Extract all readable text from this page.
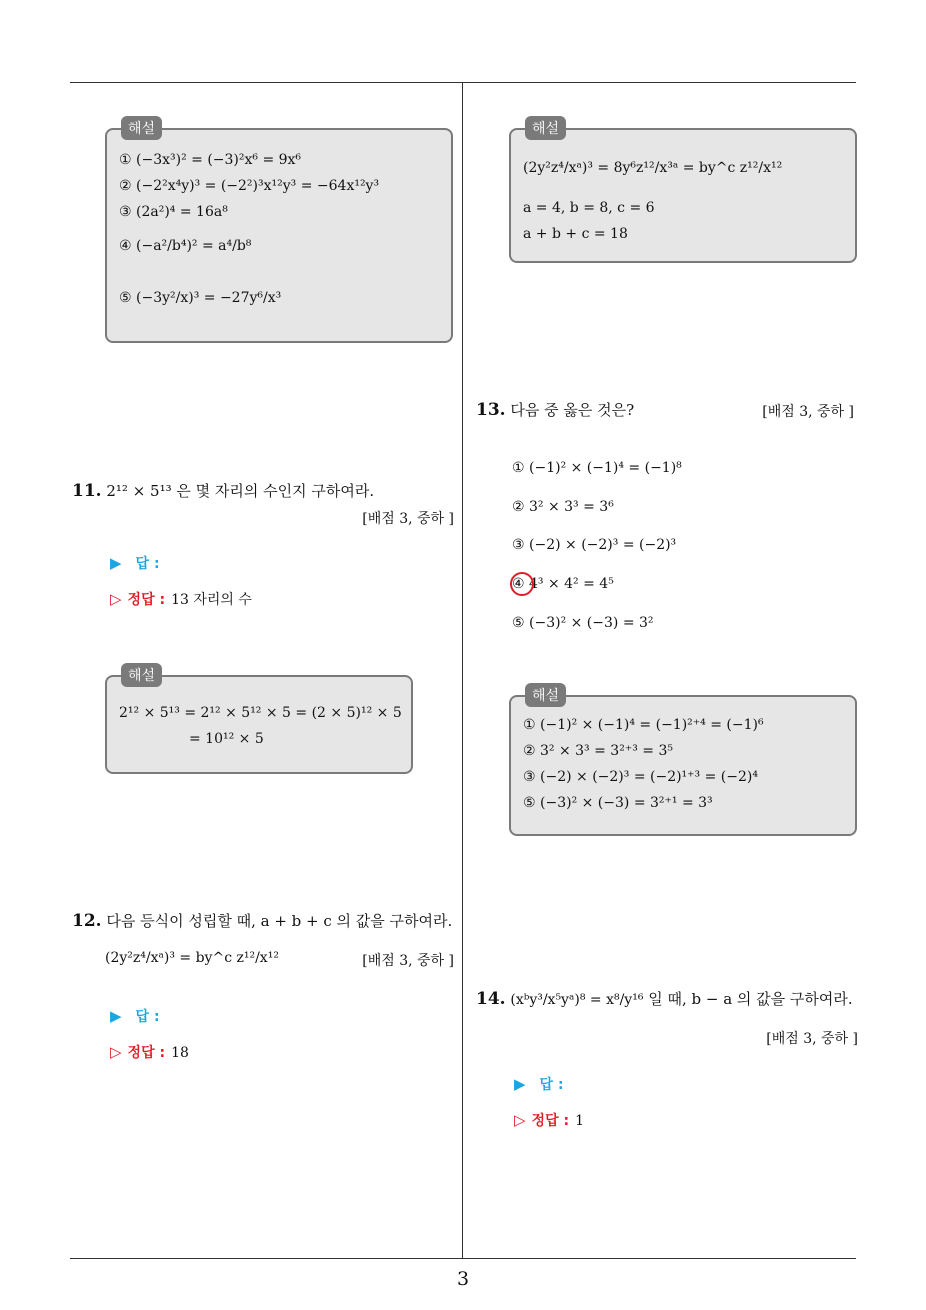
3
해설
① (−3x³)² = (−3)²x⁶ = 9x⁶
② (−2²x⁴y)³ = (−2²)³x¹²y³ = −64x¹²y³
③ (2a²)⁴ = 16a⁸
④ (−a²/b⁴)² = a⁴/b⁸
⑤ (−3y²/x)³ = −27y⁶/x³
11. 2¹² × 5¹³ 은 몇 자리의 수인지 구하여라.
[배점 3, 중하 ]
▶ 답 :
▷ 정답 : 13 자리의 수
해설
2¹² × 5¹³ = 2¹² × 5¹² × 5 = (2 × 5)¹² × 5
= 10¹² × 5
12. 다음 등식이 성립할 때, a + b + c 의 값을 구하여라.
(2y²z⁴/xᵃ)³ = by^c z¹²/x¹²	[배점 3, 중하 ]
▶ 답 :
▷ 정답 : 18
해설
(2y²z⁴/xᵃ)³ = 8y⁶z¹²/x³ᵃ = by^c z¹²/x¹²
a = 4, b = 8, c = 6
a + b + c = 18
13. 다음 중 옳은 것은?	[배점 3, 중하 ]
① (−1)² × (−1)⁴ = (−1)⁸
② 3² × 3³ = 3⁶
③ (−2) × (−2)³ = (−2)³
④ 4³ × 4² = 4⁵
⑤ (−3)² × (−3) = 3²
해설
① (−1)² × (−1)⁴ = (−1)²⁺⁴ = (−1)⁶
② 3² × 3³ = 3²⁺³ = 3⁵
③ (−2) × (−2)³ = (−2)¹⁺³ = (−2)⁴
⑤ (−3)² × (−3) = 3²⁺¹ = 3³
14. (xᵇy³/x⁵yᵃ)⁸ = x⁸/y¹⁶ 일 때, b − a 의 값을 구하여라.
[배점 3, 중하 ]
▶ 답 :
▷ 정답 : 1
